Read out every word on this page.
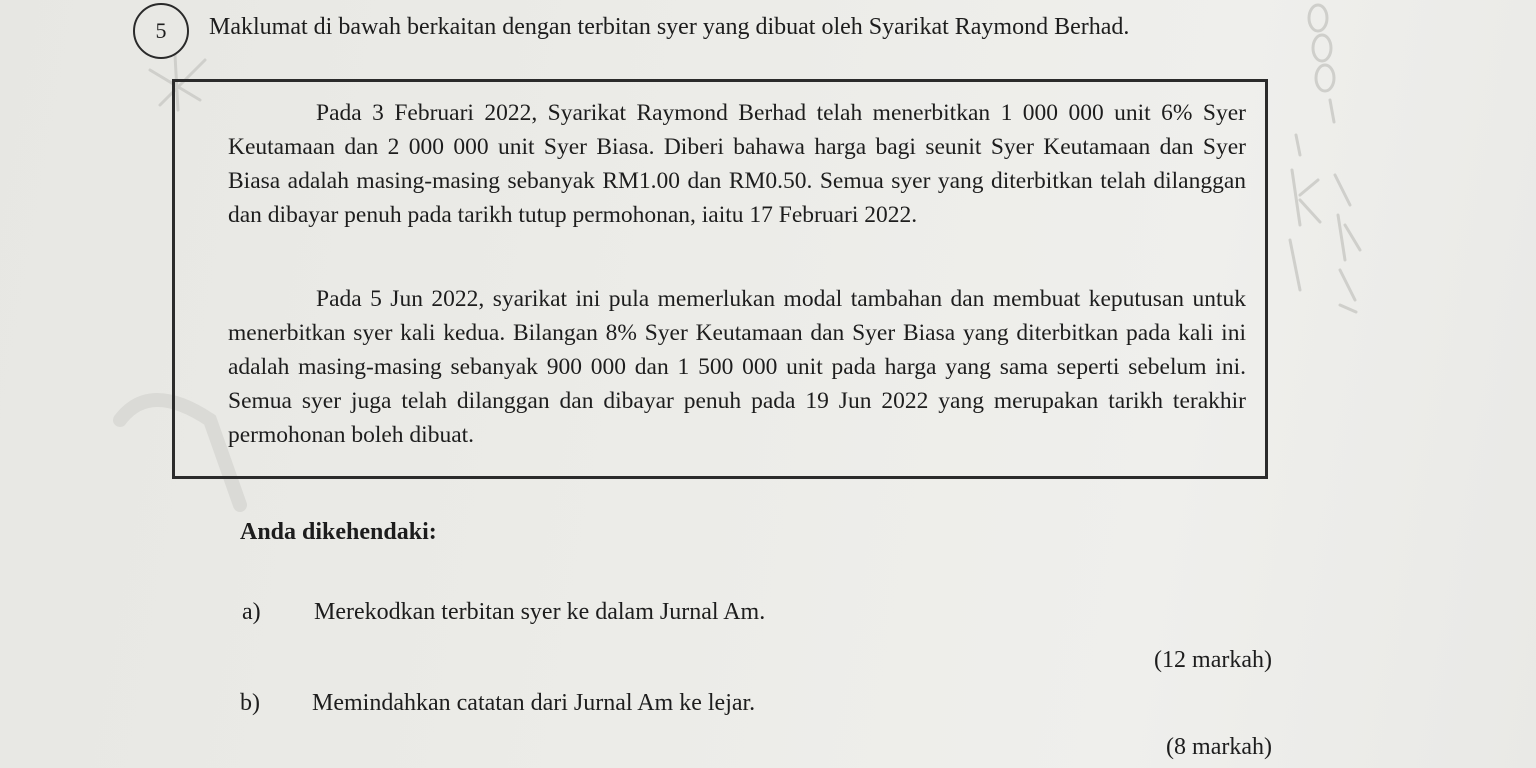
5 Maklumat di bawah berkaitan dengan terbitan syer yang dibuat oleh Syarikat Raymond Berhad.
Pada 3 Februari 2022, Syarikat Raymond Berhad telah menerbitkan 1 000 000 unit 6% Syer Keutamaan dan 2 000 000 unit Syer Biasa. Diberi bahawa harga bagi seunit Syer Keutamaan dan Syer Biasa adalah masing-masing sebanyak RM1.00 dan RM0.50. Semua syer yang diterbitkan telah dilanggan dan dibayar penuh pada tarikh tutup permohonan, iaitu 17 Februari 2022.
Pada 5 Jun 2022, syarikat ini pula memerlukan modal tambahan dan membuat keputusan untuk menerbitkan syer kali kedua. Bilangan 8% Syer Keutamaan dan Syer Biasa yang diterbitkan pada kali ini adalah masing-masing sebanyak 900 000 dan 1 500 000 unit pada harga yang sama seperti sebelum ini. Semua syer juga telah dilanggan dan dibayar penuh pada 19 Jun 2022 yang merupakan tarikh terakhir permohonan boleh dibuat.
Anda dikehendaki:
a) Merekodkan terbitan syer ke dalam Jurnal Am.
(12 markah)
b) Memindahkan catatan dari Jurnal Am ke lejar.
(8 markah)
